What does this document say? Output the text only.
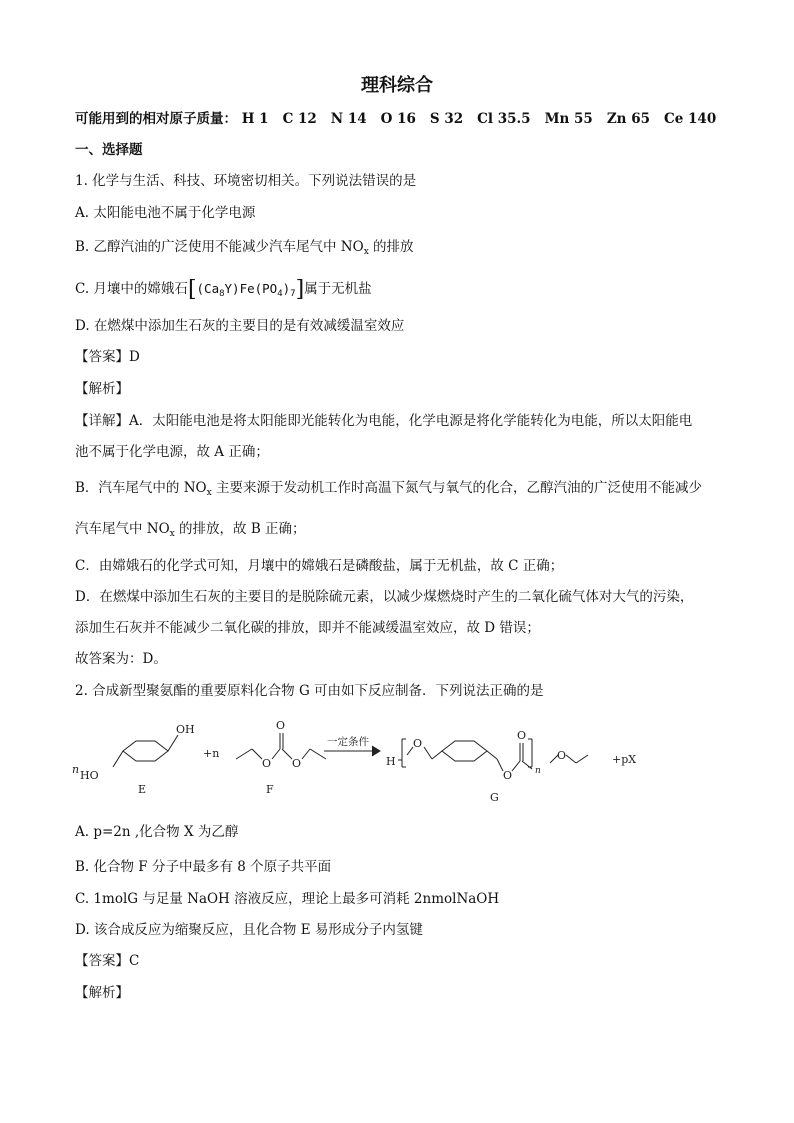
理科综合
可能用到的相对原子质量： H 1 C 12 N 14 O 16 S 32 Cl 35.5 Mn 55 Zn 65 Ce 140
一、选择题
1. 化学与生活、科技、环境密切相关。下列说法错误的是
A. 太阳能电池不属于化学电源
B. 乙醇汽油的广泛使用不能减少汽车尾气中 $NO_x$ 的排放
C. 月壤中的嫦娥石$[(Ca_8Y)Fe(PO_4)_7]$属于无机盐
D. 在燃煤中添加生石灰的主要目的是有效减缓温室效应
【答案】D
【解析】
【详解】A．太阳能电池是将太阳能即光能转化为电能，化学电源是将化学能转化为电能，所以太阳能电
池不属于化学电源，故 A 正确；
B．汽车尾气中的 $NO_x$ 主要来源于发动机工作时高温下氮气与氧气的化合，乙醇汽油的广泛使用不能减少
汽车尾气中 $NO_x$ 的排放，故 B 正确；
C．由嫦娥石的化学式可知，月壤中的嫦娥石是磷酸盐，属于无机盐，故 C 正确；
D．在燃煤中添加生石灰的主要目的是脱除硫元素，以减少煤燃烧时产生的二氧化硫气体对大气的污染，
添加生石灰并不能减少二氧化碳的排放，即并不能减缓温室效应，故 D 错误；
故答案为：D。
2. 合成新型聚氨酯的重要原料化合物 G 可由如下反应制备．下列说法正确的是
n
OH
HO
+n
O
O O
一定条件
H
O
O
O	n
O	+pX
E	F
G
A. p=2n ,化合物 X 为乙醇
B. 化合物 F 分子中最多有 8 个原子共平面
C. 1molG 与足量 NaOH 溶液反应，理论上最多可消耗 2nmolNaOH
D. 该合成反应为缩聚反应，且化合物 E 易形成分子内氢键
【答案】C
【解析】
